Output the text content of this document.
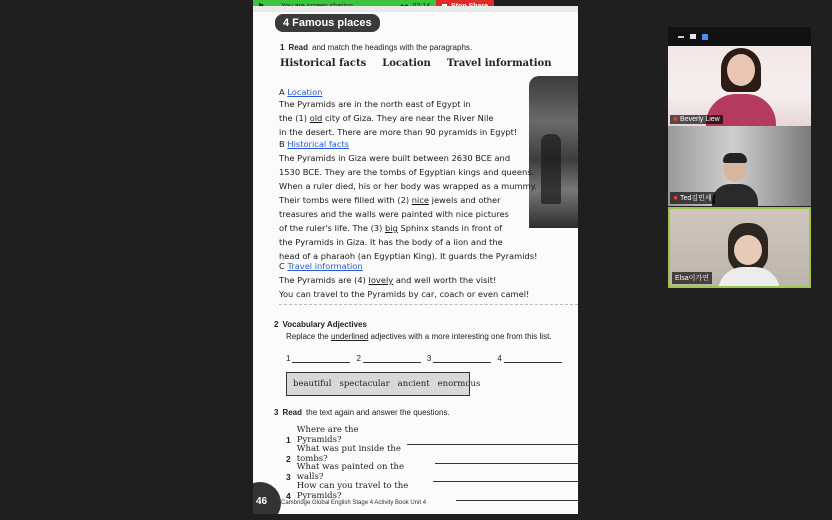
4 Famous places
1 Read and match the headings with the paragraphs.
Historical facts Location Travel information
A Location
The Pyramids are in the north east of Egypt in
the (1) old city of Giza. They are near the River Nile
in the desert. There are more than 90 pyramids in Egypt!
B Historical facts
The Pyramids in Giza were built between 2630 BCE and
1530 BCE. They are the tombs of Egyptian kings and queens.
When a ruler died, his or her body was wrapped as a mummy.
Their tombs were filled with (2) nice jewels and other
treasures and the walls were painted with nice pictures
of the ruler's life. The (3) big Sphinx stands in front of
the Pyramids in Giza. It has the body of a lion and the
head of a pharaoh (an Egyptian King). It guards the Pyramids!
C Travel information
The Pyramids are (4) lovely and well worth the visit!
You can travel to the Pyramids by car, coach or even camel!
2 Vocabulary Adjectives
Replace the underlined adjectives with a more interesting one from this list.
1	2	3	4
beautiful spectacular ancient enormous
3 Read the text again and answer the questions.
1
Where are the Pyramids?
2
What was put inside the tombs?
3
What was painted on the walls?
4
How can you travel to the Pyramids?
46 Cambridge Global English Stage 4 Activity Book Unit 4
✖ Beverly Liew
✖ Ted김민세
Elsa이가연
